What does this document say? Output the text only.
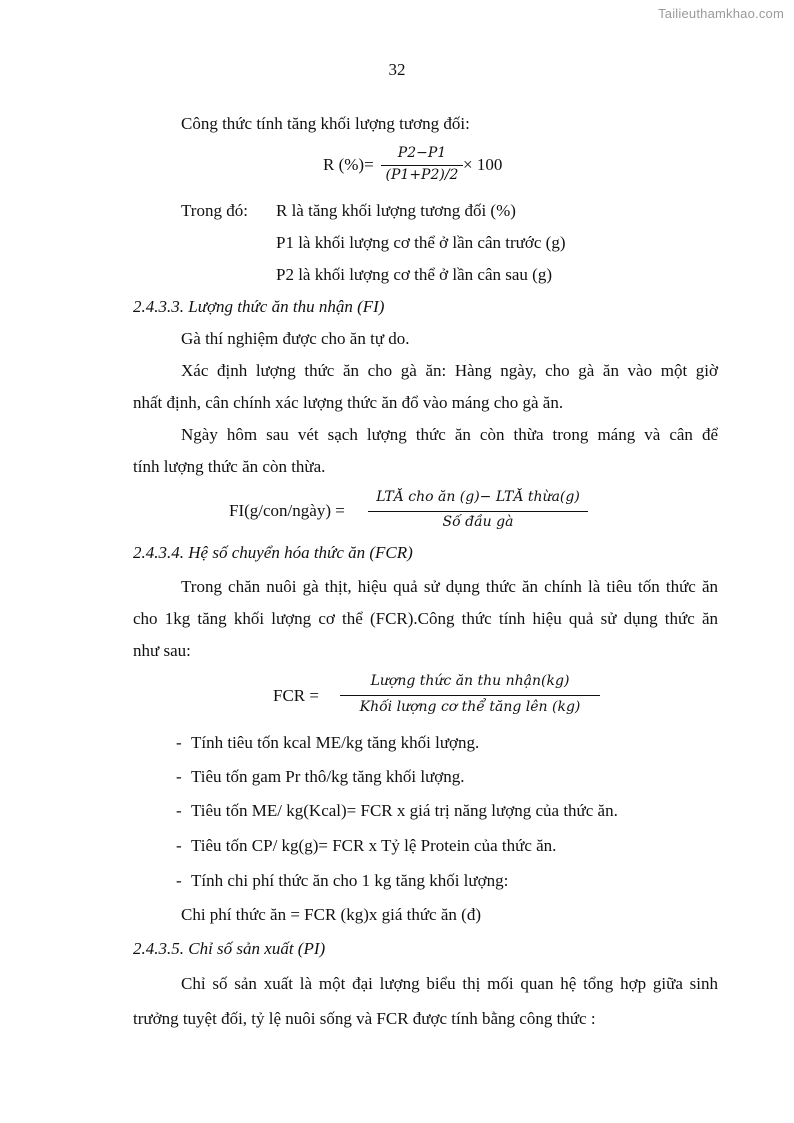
Tailieuthamkhao.com
32
Công thức tính tăng khối lượng tương đối:
R (%)=
P2−P1
(P1+P2)/2
× 100
Trong đó: R là tăng khối lượng tương đối (%)
P1 là khối lượng cơ thể ở lần cân trước (g)
P2 là khối lượng cơ thể ở lần cân sau (g)
2.4.3.3. Lượng thức ăn thu nhận (FI)
Gà thí nghiệm được cho ăn tự do.
Xác định lượng thức ăn cho gà ăn: Hàng ngày, cho gà ăn vào một giờ
nhất định, cân chính xác lượng thức ăn đổ vào máng cho gà ăn.
Ngày hôm sau vét sạch lượng thức ăn còn thừa trong máng và cân để
tính lượng thức ăn còn thừa.
FI(g/con/ngày) =
LTĂ cho ăn (g)− LTĂ thừa(g)
Số đầu gà
2.4.3.4. Hệ số chuyển hóa thức ăn (FCR)
Trong chăn nuôi gà thịt, hiệu quả sử dụng thức ăn chính là tiêu tốn thức ăn
cho 1kg tăng khối lượng cơ thể (FCR).Công thức tính hiệu quả sử dụng thức ăn
như sau:
FCR =
Lượng thức ăn thu nhận(kg)
Khối lượng cơ thể tăng lên (kg)
- Tính tiêu tốn kcal ME/kg tăng khối lượng.
- Tiêu tốn gam Pr thô/kg tăng khối lượng.
- Tiêu tốn ME/ kg(Kcal)= FCR x giá trị năng lượng của thức ăn.
- Tiêu tốn CP/ kg(g)= FCR x Tỷ lệ Protein của thức ăn.
- Tính chi phí thức ăn cho 1 kg tăng khối lượng:
Chi phí thức ăn = FCR (kg)x giá thức ăn (đ)
2.4.3.5. Chỉ số sản xuất (PI)
Chỉ số sản xuất là một đại lượng biểu thị mối quan hệ tổng hợp giữa sinh
trưởng tuyệt đối, tỷ lệ nuôi sống và FCR được tính bằng công thức :
